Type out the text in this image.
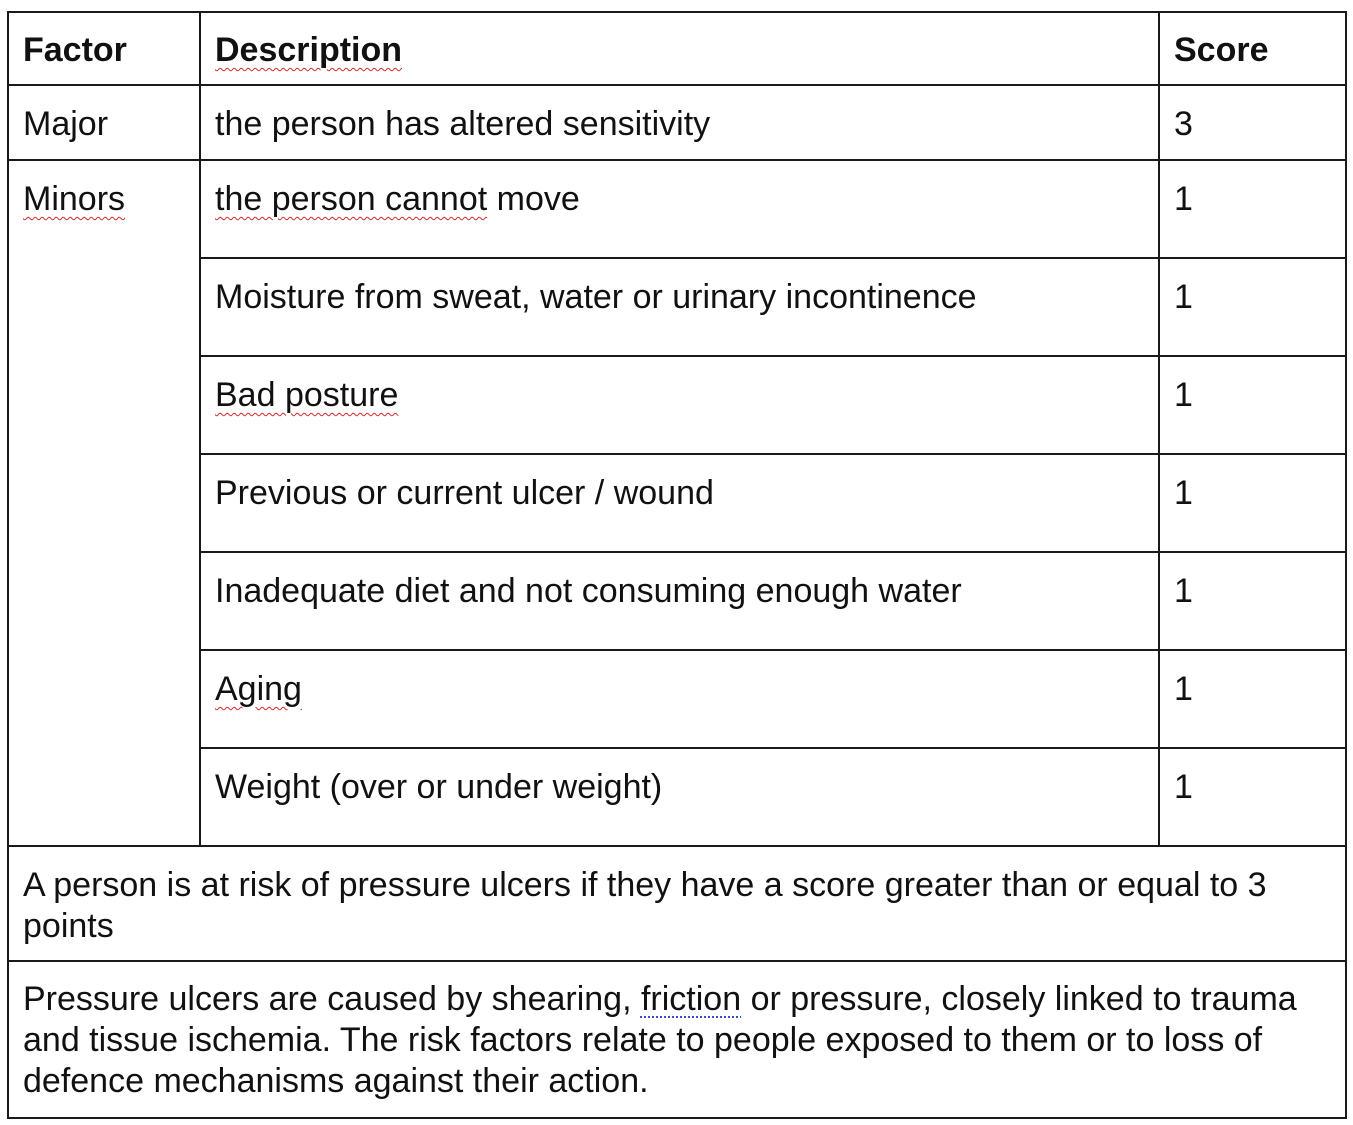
Factor	Description	Score
Major	the person has altered sensitivity	3
Minors	the person cannot move	1
	Moisture from sweat, water or urinary incontinence	1
	Bad posture	1
	Previous or current ulcer / wound	1
	Inadequate diet and not consuming enough water	1
	Aging	1
	Weight (over or under weight)	1
A person is at risk of pressure ulcers if they have a score greater than or equal to 3 points		
Pressure ulcers are caused by shearing, friction or pressure, closely linked to trauma and tissue ischemia. The risk factors relate to people exposed to them or to loss of defence mechanisms against their action.		
